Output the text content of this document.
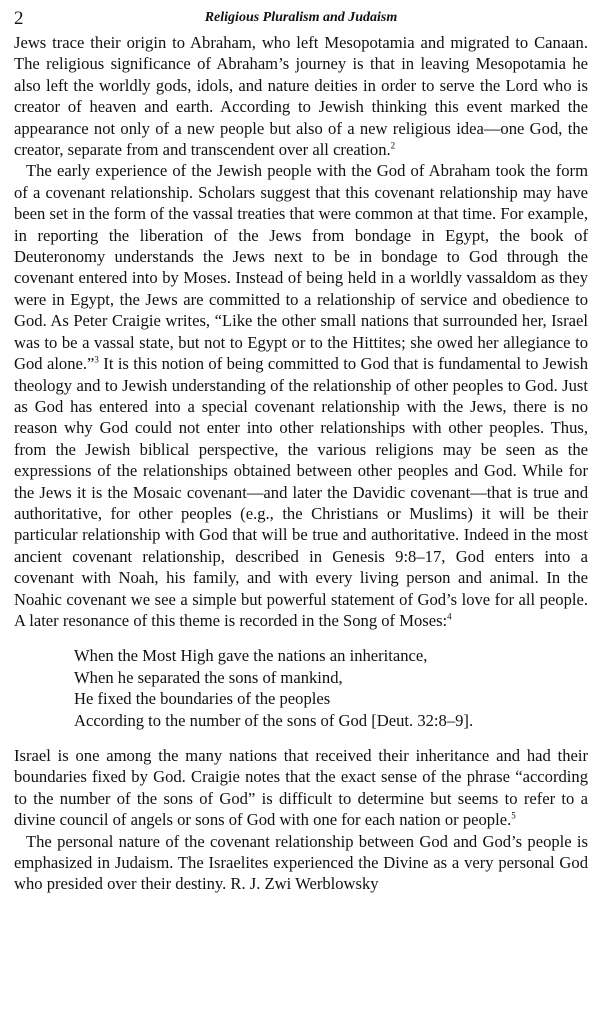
2	Religious Pluralism and Judaism

Jews trace their origin to Abraham, who left Mesopotamia and migrated to Canaan. The religious significance of Abraham’s journey is that in leaving Mesopotamia he also left the worldly gods, idols, and nature deities in order to serve the Lord who is creator of heaven and earth. According to Jewish thinking this event marked the appearance not only of a new people but also of a new religious idea—one God, the creator, separate from and transcendent over all creation.$^2$

The early experience of the Jewish people with the God of Abraham took the form of a covenant relationship. Scholars suggest that this covenant relationship may have been set in the form of the vassal treaties that were common at that time. For example, in reporting the liberation of the Jews from bondage in Egypt, the book of Deuteronomy understands the Jews next to be in bondage to God through the covenant entered into by Moses. Instead of being held in a worldly vassaldom as they were in Egypt, the Jews are committed to a relationship of service and obedience to God. As Peter Craigie writes, “Like the other small nations that surrounded her, Israel was to be a vassal state, but not to Egypt or to the Hittites; she owed her allegiance to God alone.”$^3$ It is this notion of being committed to God that is fundamental to Jewish theology and to Jewish understanding of the relationship of other peoples to God. Just as God has entered into a special covenant relationship with the Jews, there is no reason why God could not enter into other relationships with other peoples. Thus, from the Jewish biblical perspective, the various religions may be seen as the expressions of the relationships obtained between other peoples and God. While for the Jews it is the Mosaic covenant—and later the Davidic covenant—that is true and authoritative, for other peoples (e.g., the Christians or Muslims) it will be their particular relationship with God that will be true and authoritative. Indeed in the most ancient covenant relationship, described in Genesis 9:8–17, God enters into a covenant with Noah, his family, and with every living person and animal. In the Noahic covenant we see a simple but powerful statement of God’s love for all people. A later resonance of this theme is recorded in the Song of Moses:$^4$

When the Most High gave the nations an inheritance,
When he separated the sons of mankind,
He fixed the boundaries of the peoples
According to the number of the sons of God [Deut. 32:8–9].

Israel is one among the many nations that received their inheritance and had their boundaries fixed by God. Craigie notes that the exact sense of the phrase “according to the number of the sons of God” is difficult to determine but seems to refer to a divine council of angels or sons of God with one for each nation or people.$^5$

The personal nature of the covenant relationship between God and God’s people is emphasized in Judaism. The Israelites experienced the Divine as a very personal God who presided over their destiny. R. J. Zwi Werblowsky
